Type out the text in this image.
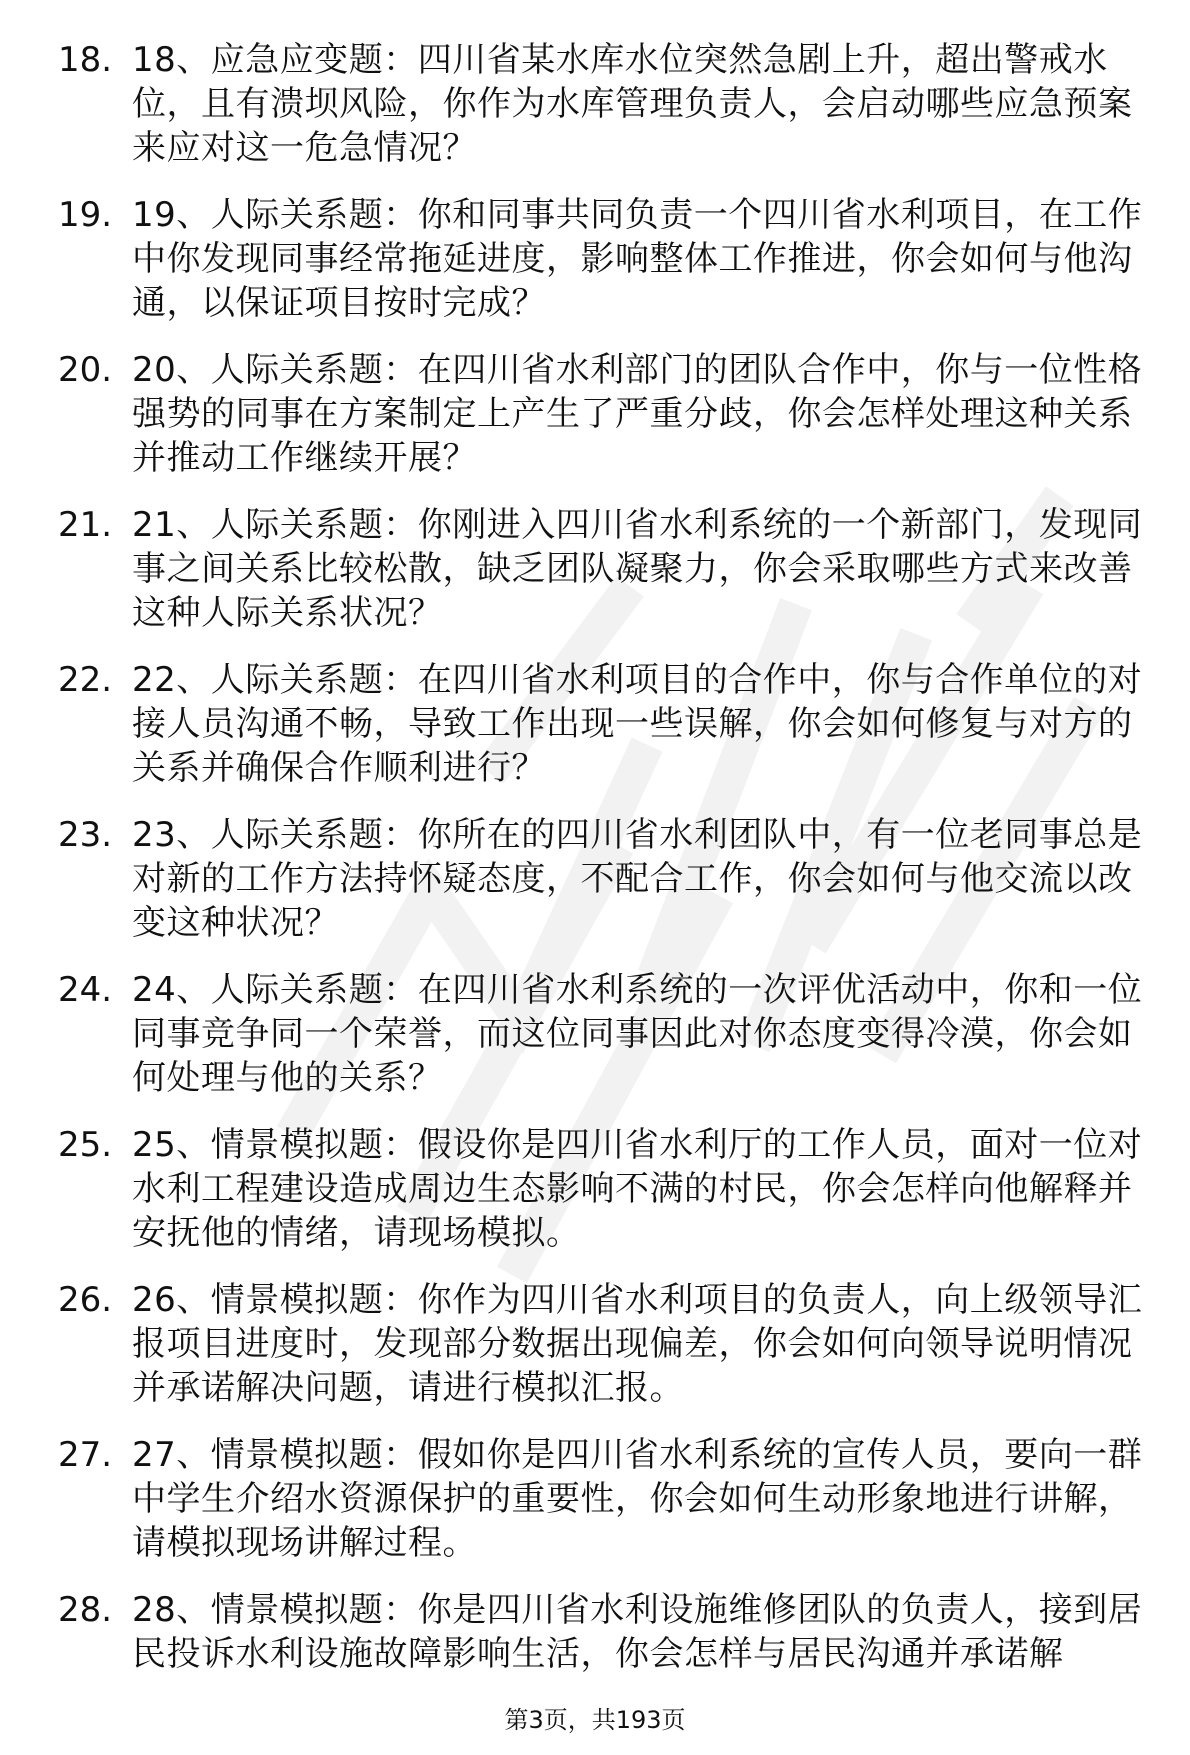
18. 18、应急应变题：四川省某水库水位突然急剧上升，超出警戒水位，且有溃坝风险，你作为水库管理负责人，会启动哪些应急预案来应对这一危急情况？
19. 19、人际关系题：你和同事共同负责一个四川省水利项目，在工作中你发现同事经常拖延进度，影响整体工作推进，你会如何与他沟通，以保证项目按时完成？
20. 20、人际关系题：在四川省水利部门的团队合作中，你与一位性格强势的同事在方案制定上产生了严重分歧，你会怎样处理这种关系并推动工作继续开展？
21. 21、人际关系题：你刚进入四川省水利系统的一个新部门，发现同事之间关系比较松散，缺乏团队凝聚力，你会采取哪些方式来改善这种人际关系状况？
22. 22、人际关系题：在四川省水利项目的合作中，你与合作单位的对接人员沟通不畅，导致工作出现一些误解，你会如何修复与对方的关系并确保合作顺利进行？
23. 23、人际关系题：你所在的四川省水利团队中，有一位老同事总是对新的工作方法持怀疑态度，不配合工作，你会如何与他交流以改变这种状况？
24. 24、人际关系题：在四川省水利系统的一次评优活动中，你和一位同事竞争同一个荣誉，而这位同事因此对你态度变得冷漠，你会如何处理与他的关系？
25. 25、情景模拟题：假设你是四川省水利厅的工作人员，面对一位对水利工程建设造成周边生态影响不满的村民，你会怎样向他解释并安抚他的情绪，请现场模拟。
26. 26、情景模拟题：你作为四川省水利项目的负责人，向上级领导汇报项目进度时，发现部分数据出现偏差，你会如何向领导说明情况并承诺解决问题，请进行模拟汇报。
27. 27、情景模拟题：假如你是四川省水利系统的宣传人员，要向一群中学生介绍水资源保护的重要性，你会如何生动形象地进行讲解，请模拟现场讲解过程。
28. 28、情景模拟题：你是四川省水利设施维修团队的负责人，接到居民投诉水利设施故障影响生活，你会怎样与居民沟通并承诺解
第3页，共193页
